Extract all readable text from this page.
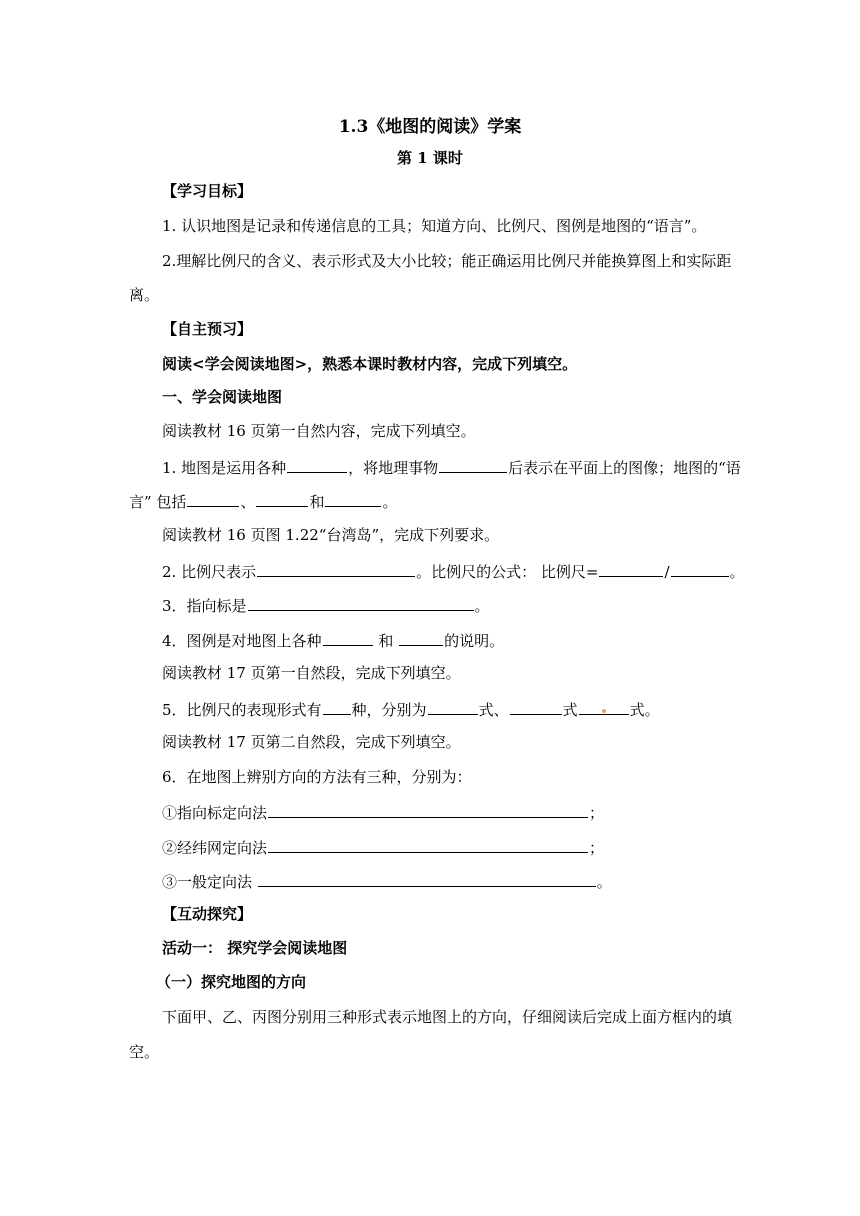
1.3《地图的阅读》学案
第 1 课时
【学习目标】
1. 认识地图是记录和传递信息的工具；知道方向、比例尺、图例是地图的“语言”。
2.理解比例尺的含义、表示形式及大小比较；能正确运用比例尺并能换算图上和实际距
离。
【自主预习】
阅读<学会阅读地图>，熟悉本课时教材内容，完成下列填空。
一、学会阅读地图
阅读教材 16 页第一自然内容，完成下列填空。
1. 地图是运用各种	，将地理事物	后表示在平面上的图像；地图的“语
言” 包括	、	和	。
阅读教材 16 页图 1.22“台湾岛”，完成下列要求。
2. 比例尺表示	。比例尺的公式： 比例尺=	/	。
3．指向标是	。
4．图例是对地图上各种	和	的说明。
阅读教材 17 页第一自然段，完成下列填空。
5．比例尺的表现形式有 种，分别为	式、	式	式。
阅读教材 17 页第二自然段，完成下列填空。
6．在地图上辨别方向的方法有三种，分别为：
①指向标定向法	；
②经纬网定向法	；
③一般定向法	。
【互动探究】
活动一： 探究学会阅读地图
（一）探究地图的方向
下面甲、乙、丙图分别用三种形式表示地图上的方向，仔细阅读后完成上面方框内的填
空。
